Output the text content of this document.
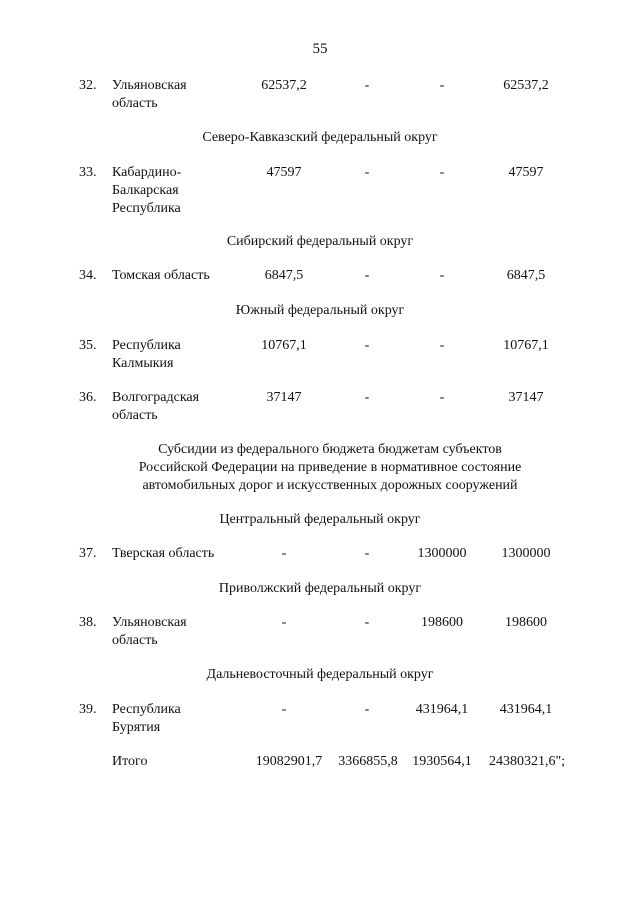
55
32. Ульяновская
область
62537,2	-	-	62537,2
Северо-Кавказский федеральный округ
33. Кабардино-
Балкарская
Республика
47597	-	-	47597
Сибирский федеральный округ
34. Томская область	6847,5	-	-	6847,5
Южный федеральный округ
35. Республика
Калмыкия
10767,1	-	-	10767,1
36. Волгоградская
область
37147	-	-	37147
Субсидии из федерального бюджета бюджетам субъектов
Российской Федерации на приведение в нормативное состояние
автомобильных дорог и искусственных дорожных сооружений
Центральный федеральный округ
37. Тверская область	-	-	1300000	1300000
Приволжский федеральный округ
38. Ульяновская
область
-	-	198600	198600
Дальневосточный федеральный округ
39. Республика
Бурятия
-	-	431964,1	431964,1
Итого	19082901,7	3366855,8	1930564,1	24380321,6";
